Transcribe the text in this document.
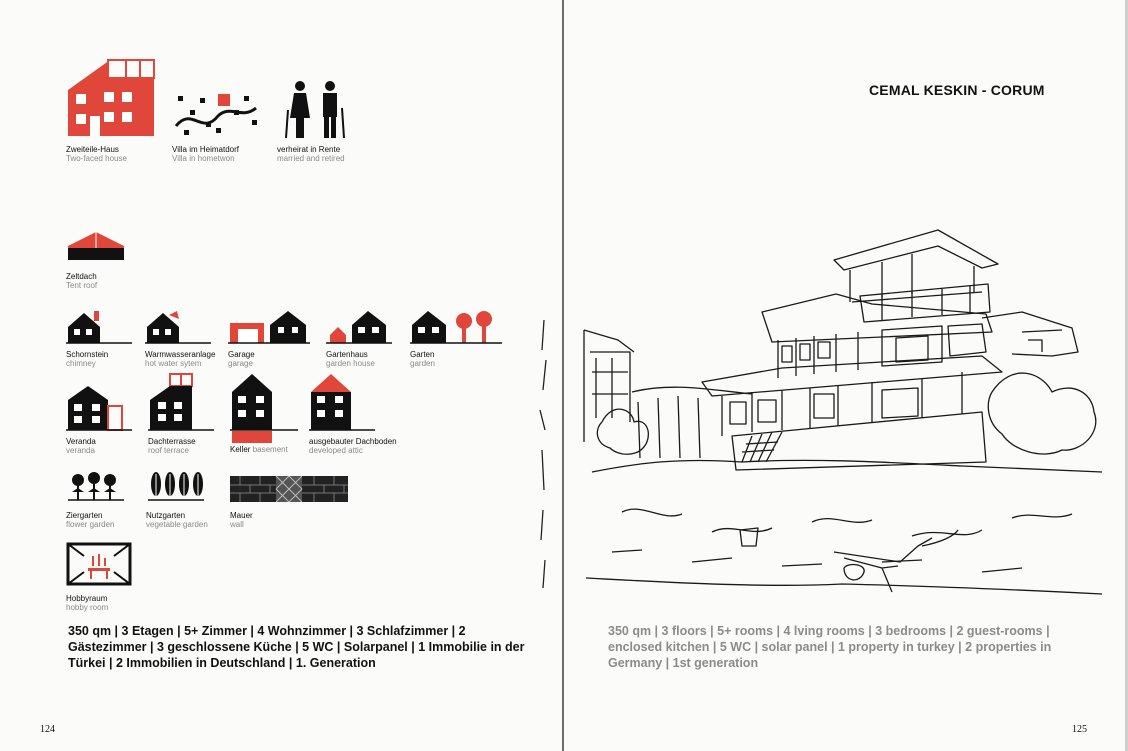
Zweiteile-Haus
Two-faced house
Villa im Heimatdorf
Villa in hometwon
verheirat in Rente
married and retired
Zeltdach
Tent roof
Schornstein
chimney
Warmwasseranlage
hot water sytem
Garage
garage
Gartenhaus
garden house
Garten
garden
Veranda
veranda
Dachterrasse
roof terrace	Keller basement
ausgebauter Dachboden
developed attic
Ziergarten
flower garden
Nutzgarten
vegetable garden
Mauer
wall
Hobbyraum
hobby room
350 qm | 3 Etagen | 5+ Zimmer | 4 Wohnzimmer | 3 Schlafzimmer | 2 Gästezimmer | 3 geschlossene Küche | 5 WC | Solarpanel | 1 Immobilie in der Türkei | 2 Immobilien in Deutschland | 1. Generation
124
CEMAL KESKIN - CORUM
350 qm | 3 floors | 5+ rooms | 4 lving rooms | 3 bedrooms | 2 guest-rooms | enclosed kitchen | 5 WC | solar panel | 1 property in turkey | 2 properties in Germany | 1st generation
125
